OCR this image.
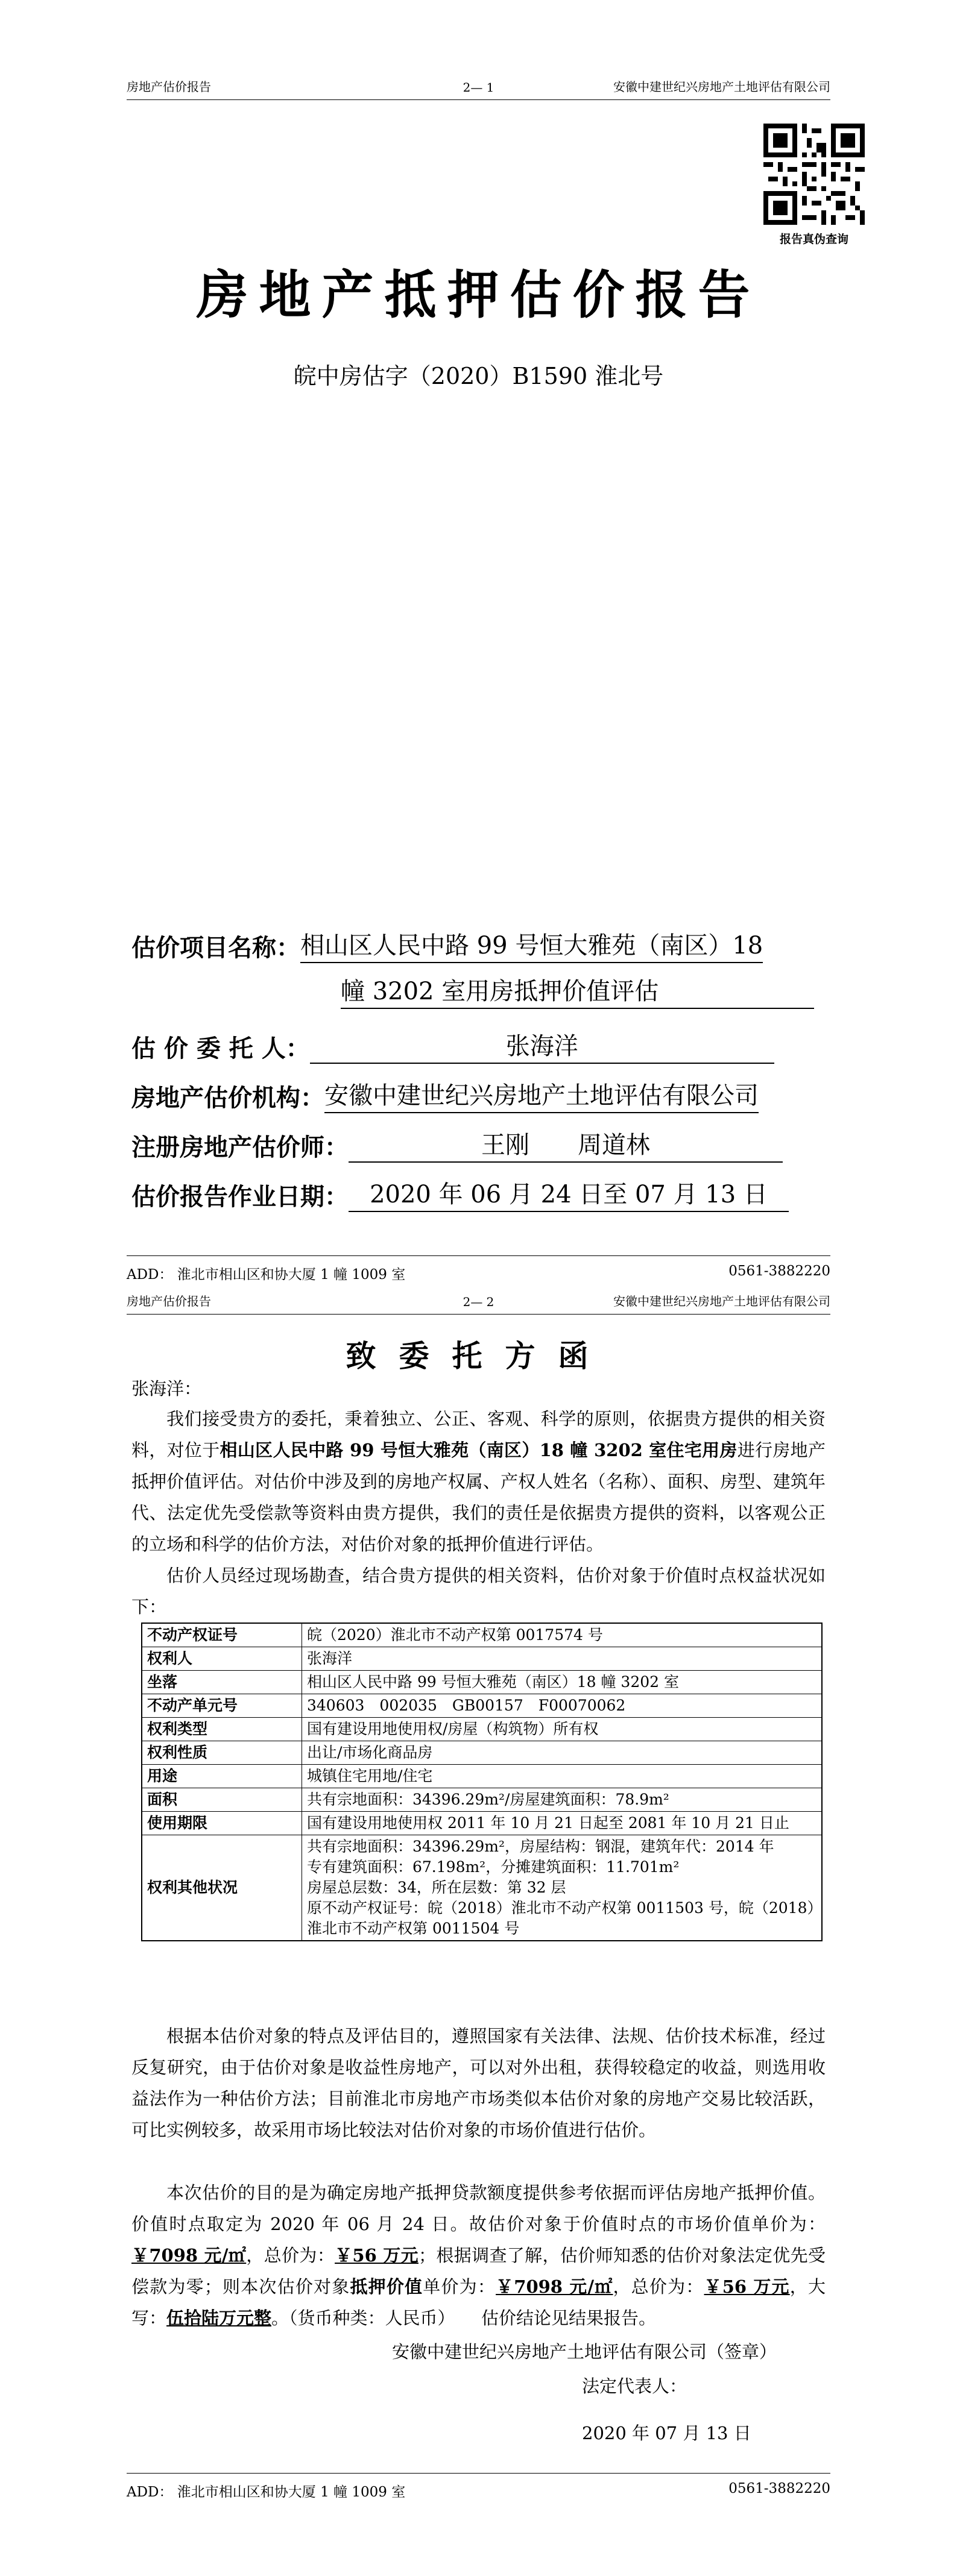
房地产估价报告	2— 1	安徽中建世纪兴房地产土地评估有限公司
报告真伪查询
房地产抵押估价报告
皖中房估字（2020）B1590 淮北号
估价项目名称： 相山区人民中路 99 号恒大雅苑（南区）18
幢 3202 室用房抵押价值评估
估 价 委 托 人：	张海洋
房地产估价机构： 安徽中建世纪兴房地产土地评估有限公司
注册房地产估价师：	王刚　　周道林
估价报告作业日期： 2020 年 06 月 24 日至 07 月 13 日
ADD： 淮北市相山区和协大厦 1 幢 1009 室	0561-3882220
房地产估价报告	2— 2	安徽中建世纪兴房地产土地评估有限公司
致委托方函
张海洋：

我们接受贵方的委托，秉着独立、公正、客观、科学的原则，依据贵方提供的相关资料，对位于相山区人民中路 99 号恒大雅苑（南区）18 幢 3202 室住宅用房进行房地产抵押价值评估。对估价中涉及到的房地产权属、产权人姓名（名称）、面积、房型、建筑年代、法定优先受偿款等资料由贵方提供，我们的责任是依据贵方提供的资料，以客观公正的立场和科学的估价方法，对估价对象的抵押价值进行评估。

估价人员经过现场勘查，结合贵方提供的相关资料，估价对象于价值时点权益状况如下：

不动产权证号	皖（2020）淮北市不动产权第 0017574 号

权利人	张海洋

坐落	相山区人民中路 99 号恒大雅苑（南区）18 幢 3202 室

不动产单元号	340603　002035　GB00157　F00070062

权利类型	国有建设用地使用权/房屋（构筑物）所有权

权利性质	出让/市场化商品房

用途	城镇住宅用地/住宅

面积	共有宗地面积：34396.29m²/房屋建筑面积：78.9m²

使用期限	国有建设用地使用权 2011 年 10 月 21 日起至 2081 年 10 月 21 日止

权利其他状况	共有宗地面积：34396.29m²，房屋结构：钢混，建筑年代：2014 年
专有建筑面积：67.198m²，分摊建筑面积：11.701m²
房屋总层数：34，所在层数：第 32 层
原不动产权证号：皖（2018）淮北市不动产权第 0011503 号，皖（2018）
淮北市不动产权第 0011504 号

根据本估价对象的特点及评估目的，遵照国家有关法律、法规、估价技术标准，经过反复研究，由于估价对象是收益性房地产，可以对外出租，获得较稳定的收益，则选用收益法作为一种估价方法；目前淮北市房地产市场类似本估价对象的房地产交易比较活跃，可比实例较多，故采用市场比较法对估价对象的市场价值进行估价。

本次估价的目的是为确定房地产抵押贷款额度提供参考依据而评估房地产抵押价值。价值时点取定为 2020 年 06 月 24 日。故估价对象于价值时点的市场价值单价为：￥7098 元/㎡，总价为：￥56 万元；根据调查了解，估价师知悉的估价对象法定优先受偿款为零；则本次估价对象抵押价值单价为：￥7098 元/㎡，总价为：￥56 万元，大写：伍拾陆万元整。（货币种类：人民币）　　估价结论见结果报告。

安徽中建世纪兴房地产土地评估有限公司（签章）
法定代表人：
2020 年 07 月 13 日
ADD： 淮北市相山区和协大厦 1 幢 1009 室	0561-3882220
